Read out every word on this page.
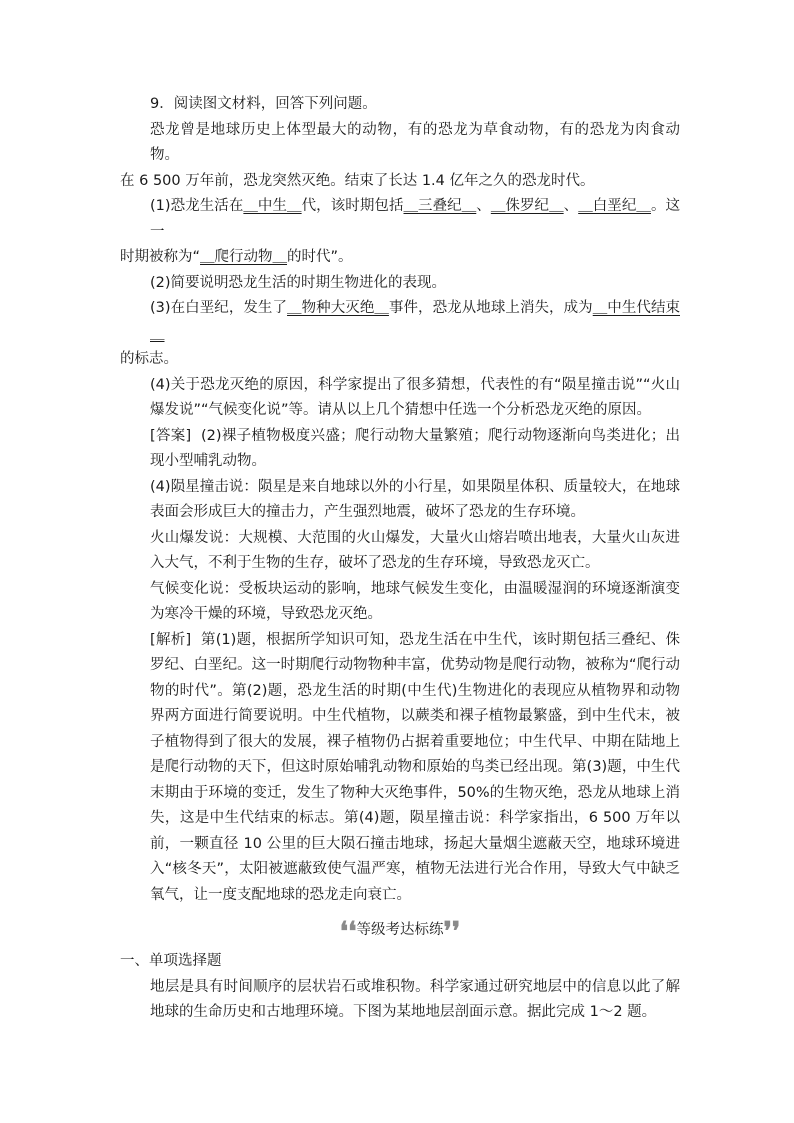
9．阅读图文材料，回答下列问题。

恐龙曾是地球历史上体型最大的动物，有的恐龙为草食动物，有的恐龙为肉食动物。

在 6 500 万年前，恐龙突然灭绝。结束了长达 1.4 亿年之久的恐龙时代。

(1)恐龙生活在＿中生＿代，该时期包括＿三叠纪＿、＿侏罗纪＿、＿白垩纪＿。这一

时期被称为“＿爬行动物＿的时代”。

(2)简要说明恐龙生活的时期生物进化的表现。

(3)在白垩纪，发生了＿物种大灭绝＿事件，恐龙从地球上消失，成为＿中生代结束＿

的标志。

(4)关于恐龙灭绝的原因，科学家提出了很多猜想，代表性的有“陨星撞击说”“火山爆发说”“气候变化说”等。请从以上几个猜想中任选一个分析恐龙灭绝的原因。

[答案] (2)裸子植物极度兴盛；爬行动物大量繁殖；爬行动物逐渐向鸟类进化；出现小型哺乳动物。

(4)陨星撞击说：陨星是来自地球以外的小行星，如果陨星体积、质量较大，在地球表面会形成巨大的撞击力，产生强烈地震，破坏了恐龙的生存环境。

火山爆发说：大规模、大范围的火山爆发，大量火山熔岩喷出地表，大量火山灰进入大气，不利于生物的生存，破坏了恐龙的生存环境，导致恐龙灭亡。

气候变化说：受板块运动的影响，地球气候发生变化，由温暖湿润的环境逐渐演变为寒冷干燥的环境，导致恐龙灭绝。

[解析] 第(1)题，根据所学知识可知，恐龙生活在中生代，该时期包括三叠纪、侏罗纪、白垩纪。这一时期爬行动物物种丰富，优势动物是爬行动物，被称为“爬行动物的时代”。第(2)题，恐龙生活的时期(中生代)生物进化的表现应从植物界和动物界两方面进行简要说明。中生代植物，以蕨类和裸子植物最繁盛，到中生代末，被子植物得到了很大的发展，裸子植物仍占据着重要地位；中生代早、中期在陆地上是爬行动物的天下，但这时原始哺乳动物和原始的鸟类已经出现。第(3)题，中生代末期由于环境的变迁，发生了物种大灭绝事件，50%的生物灭绝，恐龙从地球上消失，这是中生代结束的标志。第(4)题，陨星撞击说：科学家指出，6 500 万年以前，一颗直径 10 公里的巨大陨石撞击地球，扬起大量烟尘遮蔽天空，地球环境进入“核冬天”，太阳被遮蔽致使气温严寒，植物无法进行光合作用，导致大气中缺乏氧气，让一度支配地球的恐龙走向衰亡。

❛❛等级考达标练❜❜

一、单项选择题

地层是具有时间顺序的层状岩石或堆积物。科学家通过研究地层中的信息以此了解地球的生命历史和古地理环境。下图为某地地层剖面示意。据此完成 1～2 题。
